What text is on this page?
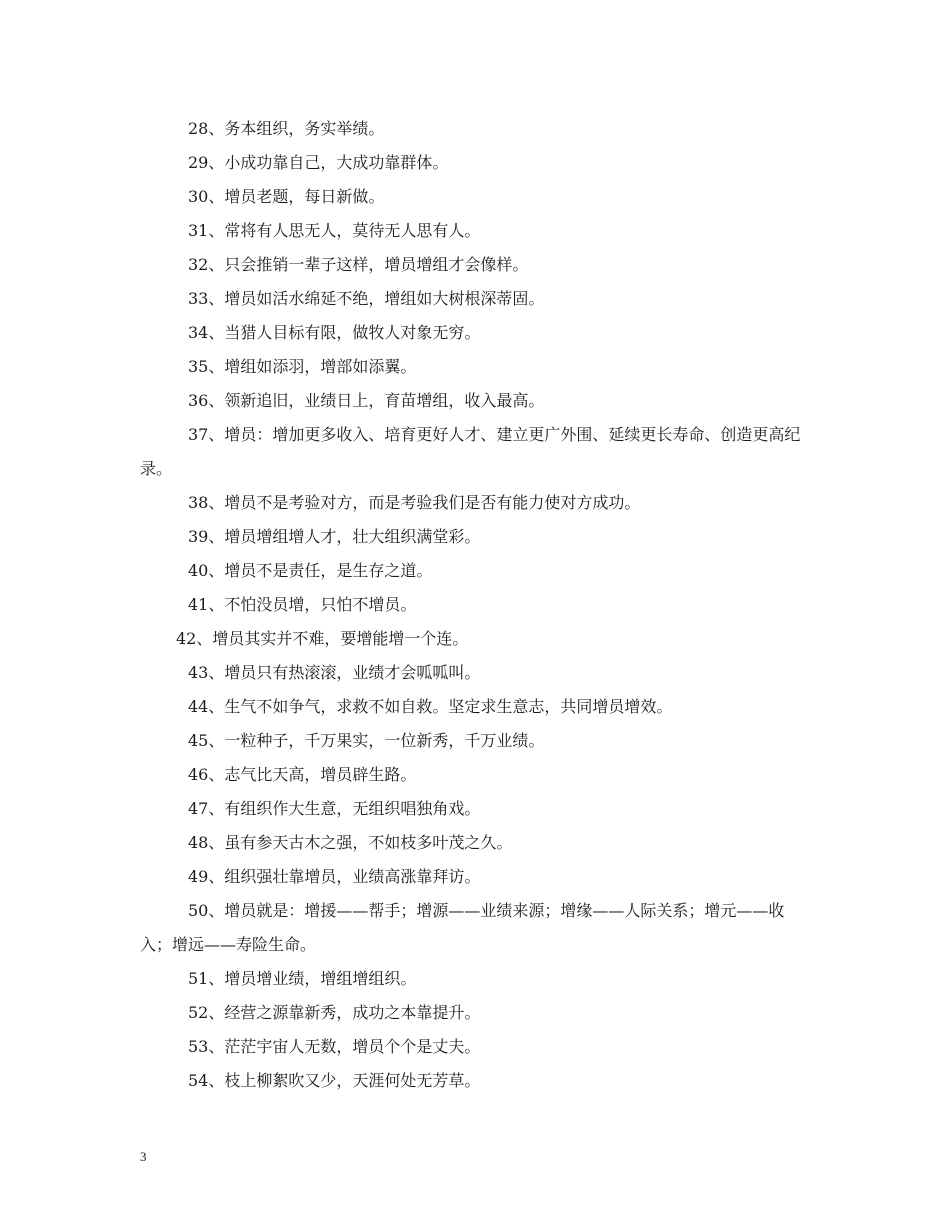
28、务本组织，务实举绩。

29、小成功靠自己，大成功靠群体。

30、增员老题，每日新做。

31、常将有人思无人，莫待无人思有人。

32、只会推销一辈子这样，增员增组才会像样。

33、增员如活水绵延不绝，增组如大树根深蒂固。

34、当猎人目标有限，做牧人对象无穷。

35、增组如添羽，增部如添翼。

36、领新追旧，业绩日上，育苗增组，收入最高。

37、增员：增加更多收入、培育更好人才、建立更广外围、延续更长寿命、创造更高纪录。

38、增员不是考验对方，而是考验我们是否有能力使对方成功。

39、增员增组增人才，壮大组织满堂彩。

40、增员不是责任，是生存之道。

41、不怕没员增，只怕不增员。

42、增员其实并不难，要增能增一个连。

43、增员只有热滚滚，业绩才会呱呱叫。

44、生气不如争气，求救不如自救。坚定求生意志，共同增员增效。

45、一粒种子，千万果实，一位新秀，千万业绩。

46、志气比天高，增员辟生路。

47、有组织作大生意，无组织唱独角戏。

48、虽有参天古木之强，不如枝多叶茂之久。

49、组织强壮靠增员，业绩高涨靠拜访。

50、增员就是：增援——帮手；增源——业绩来源；增缘——人际关系；增元——收入；增远——寿险生命。

51、增员增业绩，增组增组织。

52、经营之源靠新秀，成功之本靠提升。

53、茫茫宇宙人无数，增员个个是丈夫。

54、枝上柳絮吹又少，天涯何处无芳草。

3
